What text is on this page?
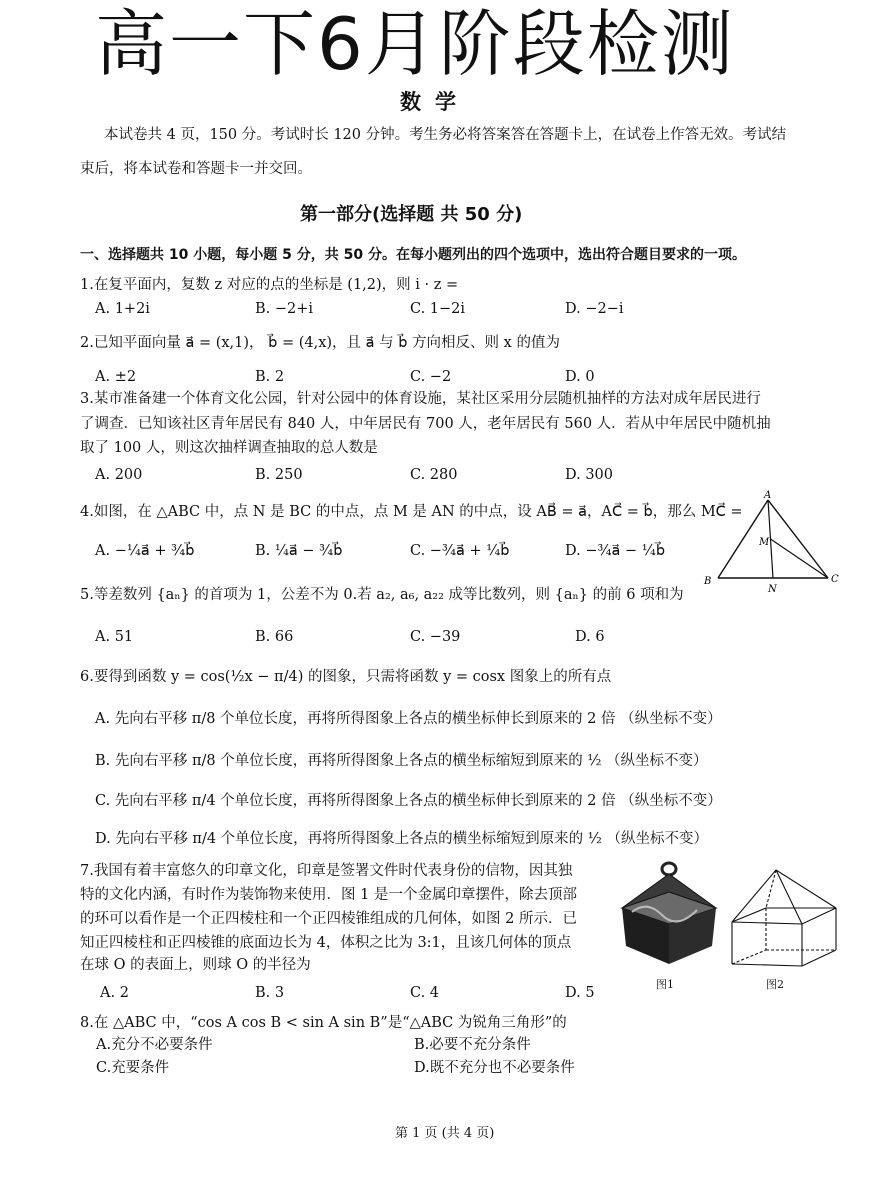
高一下6月阶段检测
数学
本试卷共 4 页，150 分。考试时长 120 分钟。考生务必将答案答在答题卡上，在试卷上作答无效。考试结
束后，将本试卷和答题卡一并交回。
第一部分(选择题 共 50 分)
一、选择题共 10 小题，每小题 5 分，共 50 分。在每小题列出的四个选项中，选出符合题目要求的一项。
1.在复平面内，复数 z 对应的点的坐标是 (1,2)，则 i · z =
A. 1+2i	B. −2+i	C. 1−2i	D. −2−i
2.已知平面向量 a⃗ = (x,1)， b⃗ = (4,x)，且 a⃗ 与 b⃗ 方向相反、则 x 的值为
A. ±2	B. 2	C. −2	D. 0
3.某市准备建一个体育文化公园，针对公园中的体育设施，某社区采用分层随机抽样的方法对成年居民进行
了调查．已知该社区青年居民有 840 人，中年居民有 700 人，老年居民有 560 人．若从中年居民中随机抽
取了 100 人，则这次抽样调查抽取的总人数是
A. 200	B. 250	C. 280	D. 300
4.如图，在 △ABC 中，点 N 是 BC 的中点，点 M 是 AN 的中点，设 AB⃗ = a⃗，AC⃗ = b⃗，那么 MC⃗ =
A. −¼a⃗ + ¾b⃗	B. ¼a⃗ − ¾b⃗	C. −¾a⃗ + ¼b⃗	D. −¾a⃗ − ¼b⃗
A
M
B
N
C
5.等差数列 {aₙ} 的首项为 1，公差不为 0.若 a₂, a₆, a₂₂ 成等比数列，则 {aₙ} 的前 6 项和为
A. 51	B. 66	C. −39	D. 6
6.要得到函数 y = cos(½x − π/4) 的图象，只需将函数 y = cosx 图象上的所有点
A. 先向右平移 π/8 个单位长度，再将所得图象上各点的横坐标伸长到原来的 2 倍 （纵坐标不变）
B. 先向右平移 π/8 个单位长度，再将所得图象上各点的横坐标缩短到原来的 ½ （纵坐标不变）
C. 先向右平移 π/4 个单位长度，再将所得图象上各点的横坐标伸长到原来的 2 倍 （纵坐标不变）
D. 先向右平移 π/4 个单位长度，再将所得图象上各点的横坐标缩短到原来的 ½ （纵坐标不变）
7.我国有着丰富悠久的印章文化，印章是签署文件时代表身份的信物，因其独
特的文化内涵，有时作为装饰物来使用．图 1 是一个金属印章摆件，除去顶部
的环可以看作是一个正四棱柱和一个正四棱锥组成的几何体，如图 2 所示．已
知正四棱柱和正四棱锥的底面边长为 4，体积之比为 3:1，且该几何体的顶点
在球 O 的表面上，则球 O 的半径为
A. 2	B. 3	C. 4	D. 5
图1	图2
8.在 △ABC 中，“cos A cos B < sin A sin B”是“△ABC 为锐角三角形”的
A.充分不必要条件	B.必要不充分条件
C.充要条件	D.既不充分也不必要条件
第 1 页 (共 4 页)
